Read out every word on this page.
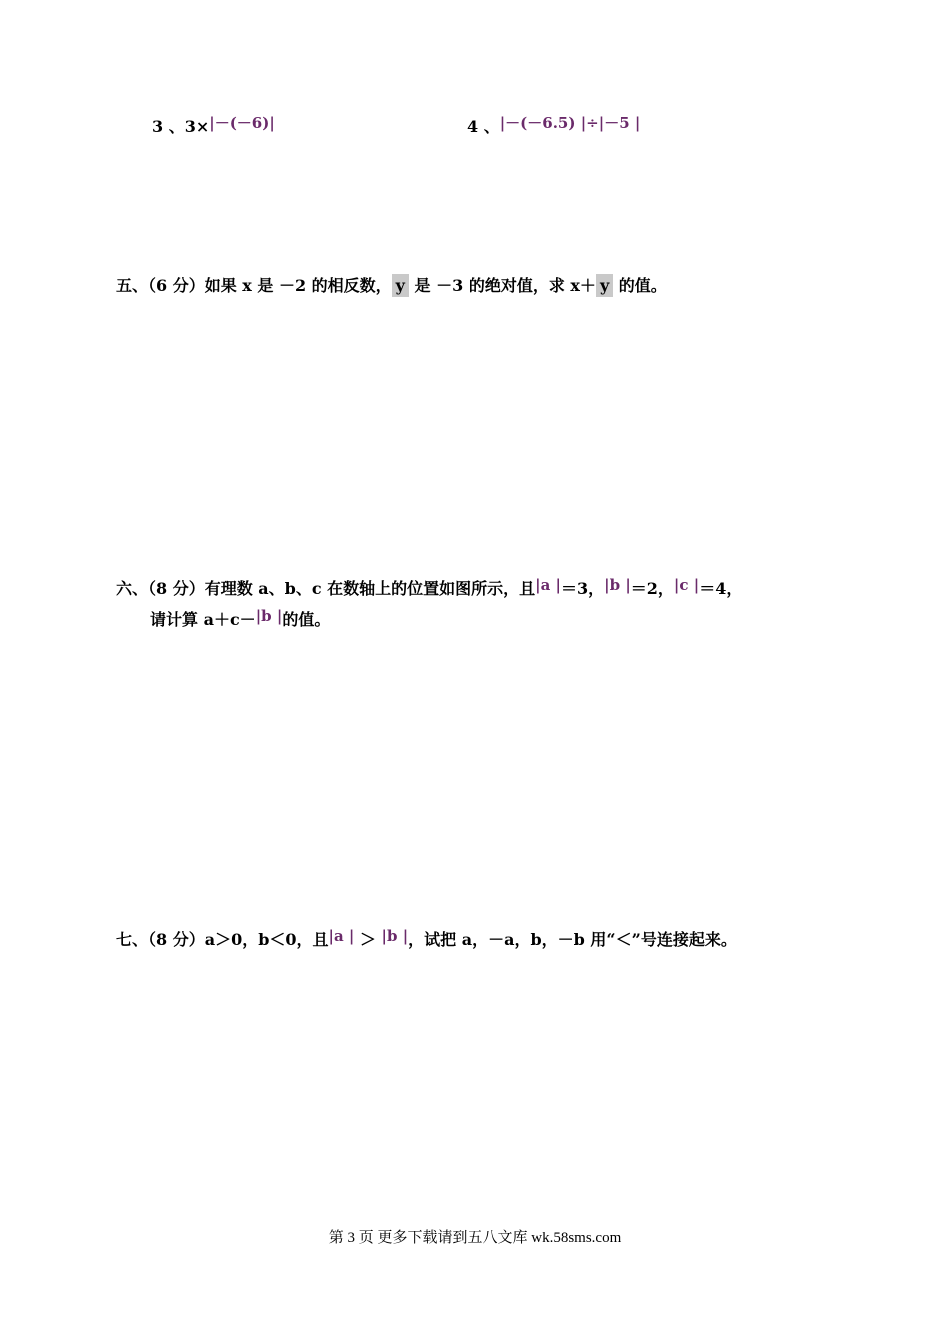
3 、3×|－(－6)|	4 、|－(－6.5) |÷|－5 |
五、（6 分）如果 x 是 －2 的相反数， y 是 －3 的绝对值，求 x＋ y 的值。
六、（8 分）有理数 a、b、c 在数轴上的位置如图所示，且|a |＝3，|b |＝2，|c |＝4，
请计算 a＋c－|b |的值。
七、（8 分）a＞0，b＜0，且|a | ＞ |b |，试把 a，－a，b，－b 用“＜”号连接起来。
第 3 页 更多下载请到五八文库 wk.58sms.com
